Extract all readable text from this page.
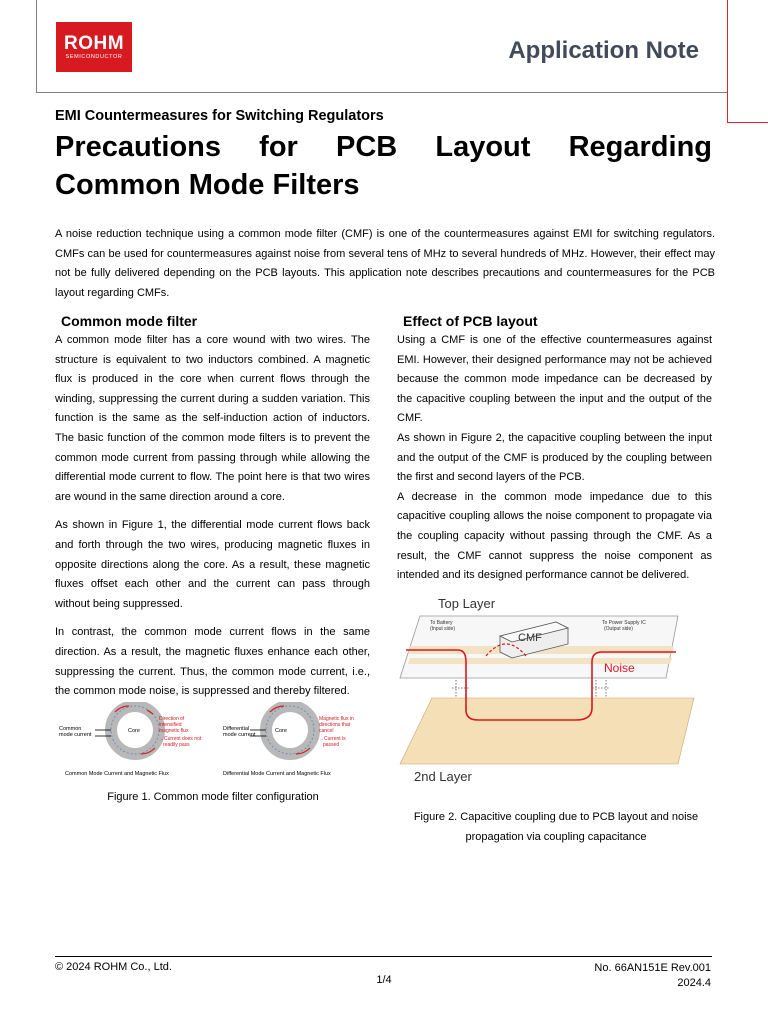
ROHM
SEMICONDUCTOR	Application Note
EMI Countermeasures for Switching Regulators
Precautions for PCB Layout Regarding
Common Mode Filters
A noise reduction technique using a common mode filter (CMF) is one of the countermeasures against EMI for switching regulators. CMFs can be used for countermeasures against noise from several tens of MHz to several hundreds of MHz. However, their effect may not be fully delivered depending on the PCB layouts. This application note describes precautions and countermeasures for the PCB layout regarding CMFs.
Common mode filter

A common mode filter has a core wound with two wires. The structure is equivalent to two inductors combined. A magnetic flux is produced in the core when current flows through the winding, suppressing the current during a sudden variation. This function is the same as the self-induction action of inductors. The basic function of the common mode filters is to prevent the common mode current from passing through while allowing the differential mode current to flow. The point here is that two wires are wound in the same direction around a core.

As shown in Figure 1, the differential mode current flows back and forth through the two wires, producing magnetic fluxes in opposite directions along the core. As a result, these magnetic fluxes offset each other and the current can pass through without being suppressed.

In contrast, the common mode current flows in the same direction. As a result, the magnetic fluxes enhance each other, suppressing the current. Thus, the common mode current, i.e., the common mode noise, is suppressed and thereby filtered.

Common
mode current
Core
Direction of
intensified
magnetic flux
→Current does not
readily pass
Common Mode Current and Magnetic Flux
Differential
mode current
Core
Magnetic flux in
directions that
cancel
→Current is
passed
Differential Mode Current and Magnetic Flux
Figure 1. Common mode filter configuration
Effect of PCB layout

Using a CMF is one of the effective countermeasures against EMI. However, their designed performance may not be achieved because the common mode impedance can be decreased by the capacitive coupling between the input and the output of the CMF.

As shown in Figure 2, the capacitive coupling between the input and the output of the CMF is produced by the coupling between the first and second layers of the PCB.

A decrease in the common mode impedance due to this capacitive coupling allows the noise component to propagate via the coupling capacity without passing through the CMF. As a result, the CMF cannot suppress the noise component as intended and its designed performance cannot be delivered.

Top Layer
CMF
To Battery
(Input side)
To Power Supply IC
(Output side)
2nd Layer
Noise
Figure 2. Capacitive coupling due to PCB layout and noise
propagation via coupling capacitance
© 2024 ROHM Co., Ltd.
1/4
No. 66AN151E Rev.001
2024.4
